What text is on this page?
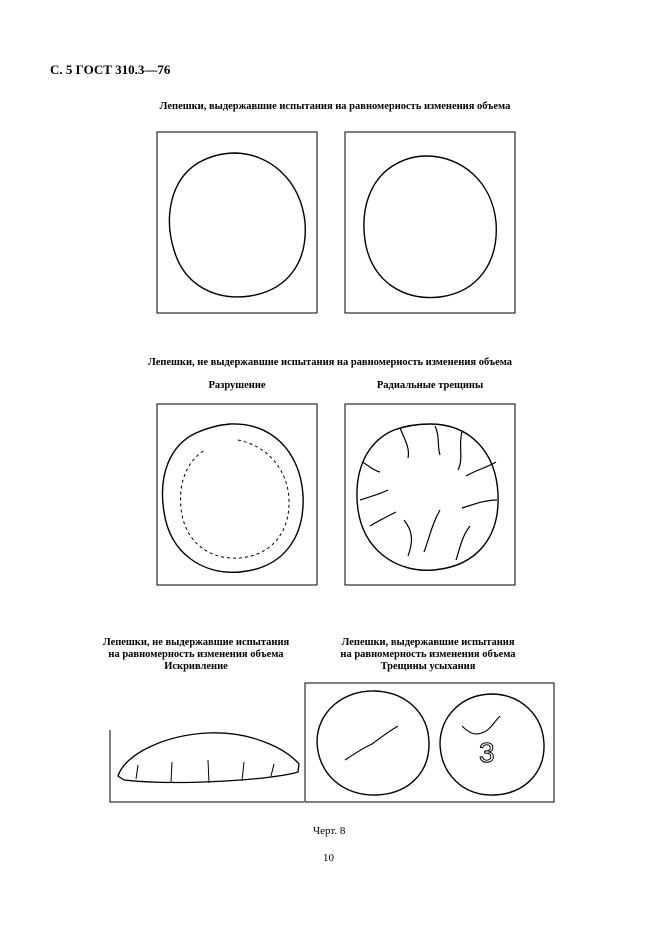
С. 5 ГОСТ 310.3—76
Лепешки, выдержавшие испытания на равномерность изменения объема
Лепешки, не выдержавшие испытания на равномерность изменения объема
Разрушение	Радиальные трещины
Лепешки, не выдержавшие испытания
на равномерность изменения объема
Искривление
Лепешки, выдержавшие испытания
на равномерность изменения объема
Трещины усыхания
Черт. 8
10
3
